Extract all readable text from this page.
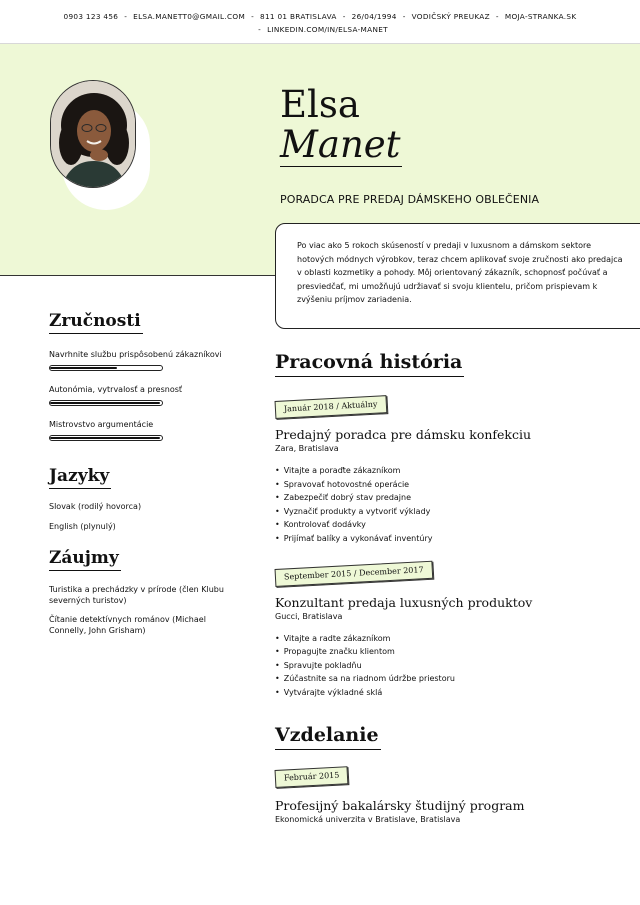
0903 123 456 - ELSA.MANETT0@GMAIL.COM - 811 01 BRATISLAVA - 26/04/1994 - VODIČSKÝ PREUKAZ - MOJA-STRANKA.SK
- LINKEDIN.COM/IN/ELSA-MANET
Elsa
Manet
PORADCA PRE PREDAJ DÁMSKEHO OBLEČENIA

Po viac ako 5 rokoch skúseností v predaji v luxusnom a dámskom sektore hotových módnych výrobkov, teraz chcem aplikovať svoje zručnosti ako predajca v oblasti kozmetiky a pohody. Môj orientovaný zákazník, schopnosť počúvať a presviedčať, mi umožňujú udržiavať si svoju klientelu, pričom prispievam k zvýšeniu príjmov zariadenia.

Zručnosti
Navrhnite službu prispôsobenú zákazníkovi
Autonómia, vytrvalosť a presnosť
Mistrovstvo argumentácie
Jazyky
Slovak (rodilý hovorca)
English (plynulý)
Záujmy
Turistika a prechádzky v prírode (člen Klubu severných turistov)
Čítanie detektívnych románov (Michael Connelly, John Grisham)
Pracovná história
Január 2018 / Aktuálny
Predajný poradca pre dámsku konfekciu
Zara, Bratislava
• Vitajte a poraďte zákazníkom
• Spravovať hotovostné operácie
• Zabezpečiť dobrý stav predajne
• Vyznačiť produkty a vytvoriť výklady
• Kontrolovať dodávky
• Prijímať balíky a vykonávať inventúry
September 2015 / December 2017
Konzultant predaja luxusných produktov
Gucci, Bratislava
• Vitajte a radte zákazníkom
• Propagujte značku klientom
• Spravujte pokladňu
• Zúčastnite sa na riadnom údržbe priestoru
• Vytvárajte výkladné sklá
Vzdelanie
Február 2015
Profesijný bakalársky študijný program
Ekonomická univerzita v Bratislave, Bratislava
